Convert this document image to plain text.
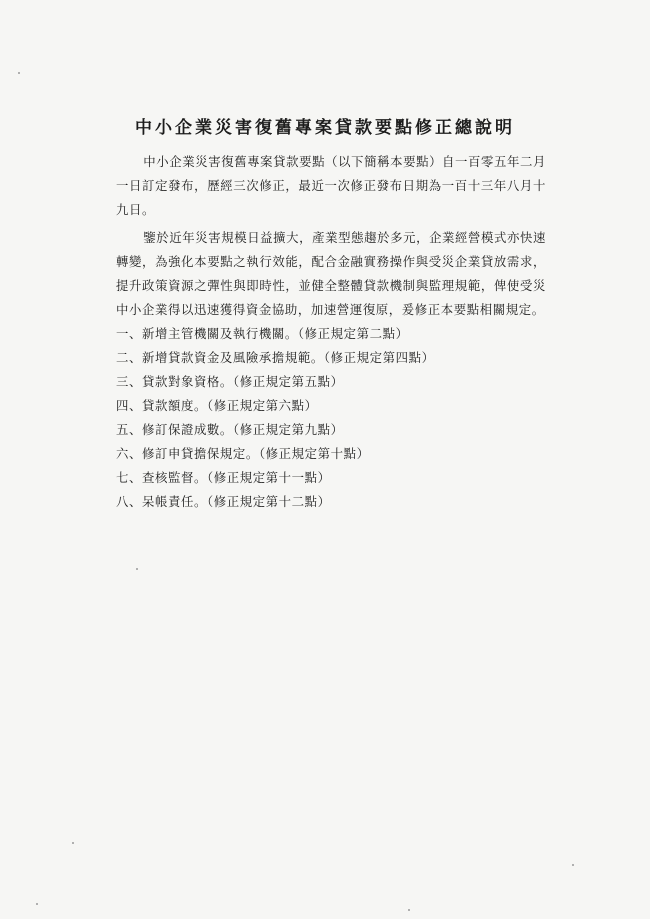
中小企業災害復舊專案貸款要點修正總說明

中小企業災害復舊專案貸款要點（以下簡稱本要點）自一百零五年二月一日訂定發布，歷經三次修正，最近一次修正發布日期為一百十三年八月十九日。

鑒於近年災害規模日益擴大，產業型態趨於多元，企業經營模式亦快速轉變，為強化本要點之執行效能，配合金融實務操作與受災企業貸放需求，提升政策資源之彈性與即時性，並健全整體貸款機制與監理規範，俾使受災中小企業得以迅速獲得資金協助，加速營運復原，爰修正本要點相關規定。

一、新增主管機關及執行機關。（修正規定第二點）
二、新增貸款資金及風險承擔規範。（修正規定第四點）
三、貸款對象資格。（修正規定第五點）
四、貸款額度。（修正規定第六點）
五、修訂保證成數。（修正規定第九點）
六、修訂申貸擔保規定。（修正規定第十點）
七、查核監督。（修正規定第十一點）
八、呆帳責任。（修正規定第十二點）
